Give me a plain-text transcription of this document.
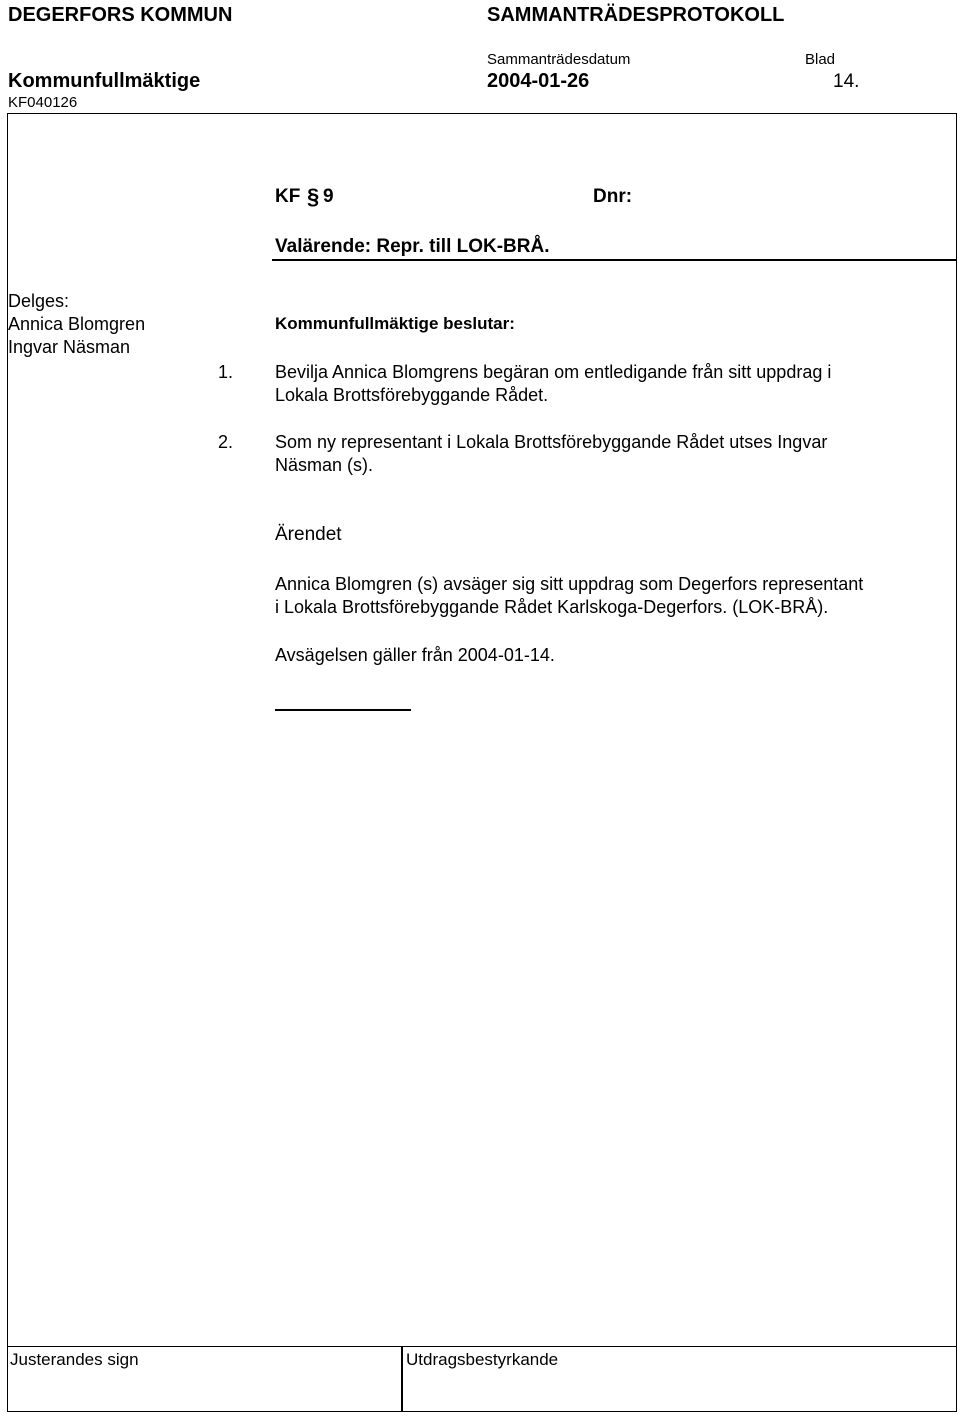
DEGERFORS KOMMUN	SAMMANTRÄDESPROTOKOLL
Sammanträdesdatum	Blad
Kommunfullmäktige	2004-01-26	14.
KF040126
KF § 9	Dnr:
Valärende: Repr. till LOK-BRÅ.
Delges:
Annica Blomgren
Ingvar Näsman
Kommunfullmäktige beslutar:
1. Bevilja Annica Blomgrens begäran om entledigande från sitt uppdrag i
Lokala Brottsförebyggande Rådet.
2. Som ny representant i Lokala Brottsförebyggande Rådet utses Ingvar
Näsman (s).
Ärendet
Annica Blomgren (s) avsäger sig sitt uppdrag som Degerfors representant
i Lokala Brottsförebyggande Rådet Karlskoga-Degerfors. (LOK-BRÅ).
Avsägelsen gäller från 2004-01-14.
Justerandes sign	Utdragsbestyrkande
